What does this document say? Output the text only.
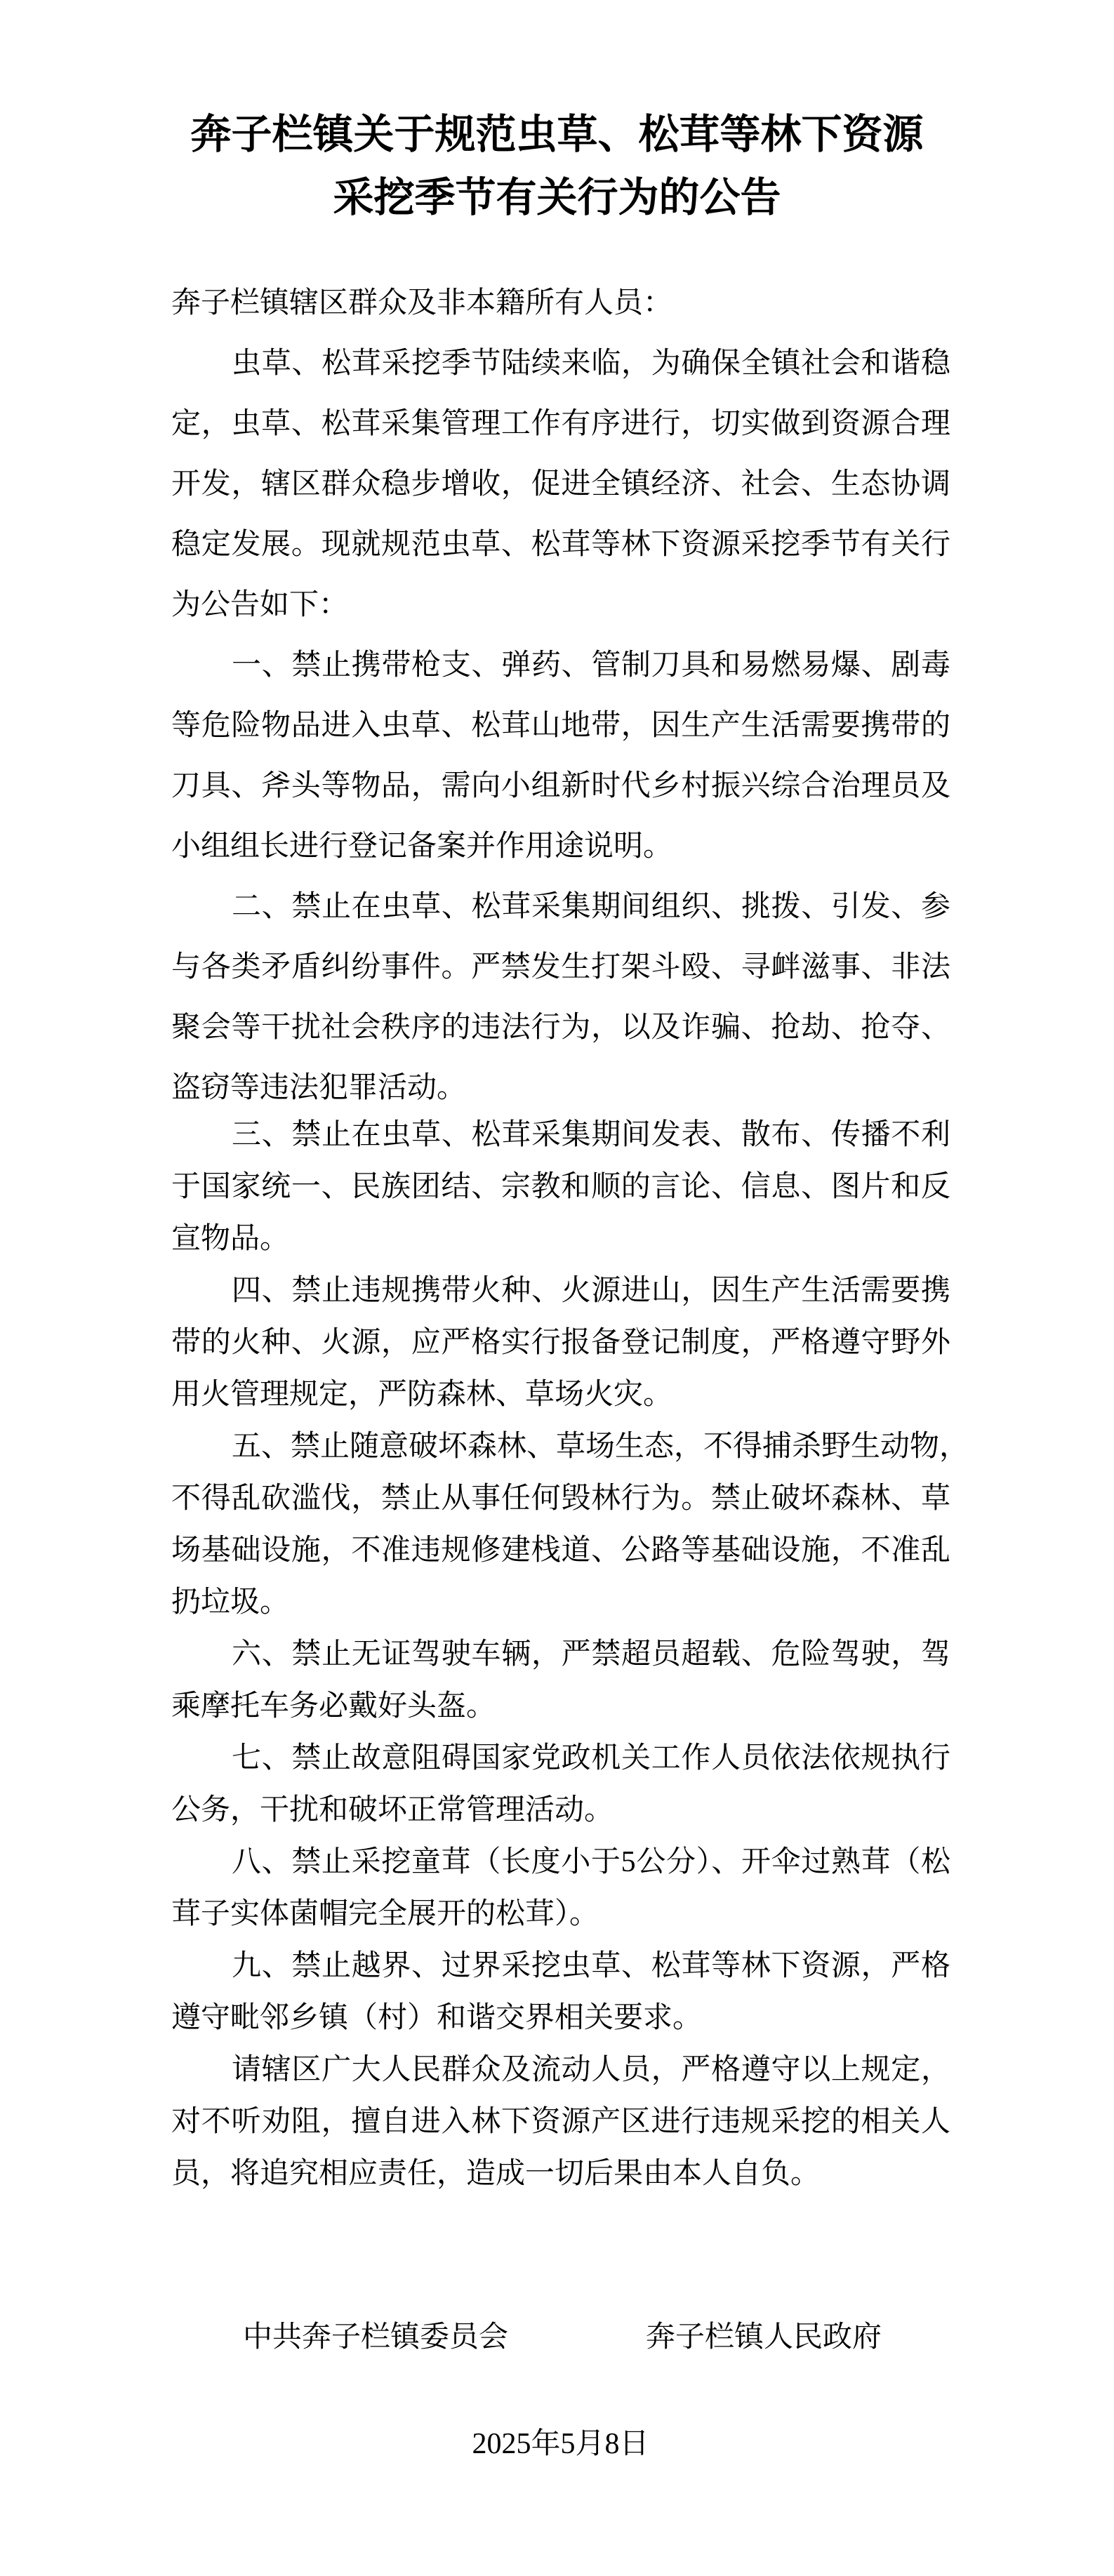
奔子栏镇关于规范虫草、松茸等林下资源
采挖季节有关行为的公告
奔子栏镇辖区群众及非本籍所有人员：
虫草、松茸采挖季节陆续来临，为确保全镇社会和谐稳
定，虫草、松茸采集管理工作有序进行，切实做到资源合理
开发，辖区群众稳步增收，促进全镇经济、社会、生态协调
稳定发展。现就规范虫草、松茸等林下资源采挖季节有关行
为公告如下：
一、禁止携带枪支、弹药、管制刀具和易燃易爆、剧毒
等危险物品进入虫草、松茸山地带，因生产生活需要携带的
刀具、斧头等物品，需向小组新时代乡村振兴综合治理员及
小组组长进行登记备案并作用途说明。
二、禁止在虫草、松茸采集期间组织、挑拨、引发、参
与各类矛盾纠纷事件。严禁发生打架斗殴、寻衅滋事、非法
聚会等干扰社会秩序的违法行为，以及诈骗、抢劫、抢夺、
盗窃等违法犯罪活动。
三、禁止在虫草、松茸采集期间发表、散布、传播不利
于国家统一、民族团结、宗教和顺的言论、信息、图片和反
宣物品。
四、禁止违规携带火种、火源进山，因生产生活需要携
带的火种、火源，应严格实行报备登记制度，严格遵守野外
用火管理规定，严防森林、草场火灾。
五、禁止随意破坏森林、草场生态，不得捕杀野生动物，
不得乱砍滥伐，禁止从事任何毁林行为。禁止破坏森林、草
场基础设施，不准违规修建栈道、公路等基础设施，不准乱
扔垃圾。
六、禁止无证驾驶车辆，严禁超员超载、危险驾驶，驾
乘摩托车务必戴好头盔。
七、禁止故意阻碍国家党政机关工作人员依法依规执行
公务，干扰和破坏正常管理活动。
八、禁止采挖童茸（长度小于5公分）、开伞过熟茸（松
茸子实体菌帽完全展开的松茸）。
九、禁止越界、过界采挖虫草、松茸等林下资源，严格
遵守毗邻乡镇（村）和谐交界相关要求。
请辖区广大人民群众及流动人员，严格遵守以上规定，
对不听劝阻，擅自进入林下资源产区进行违规采挖的相关人
员，将追究相应责任，造成一切后果由本人自负。
中共奔子栏镇委员会	奔子栏镇人民政府
2025年5月8日
